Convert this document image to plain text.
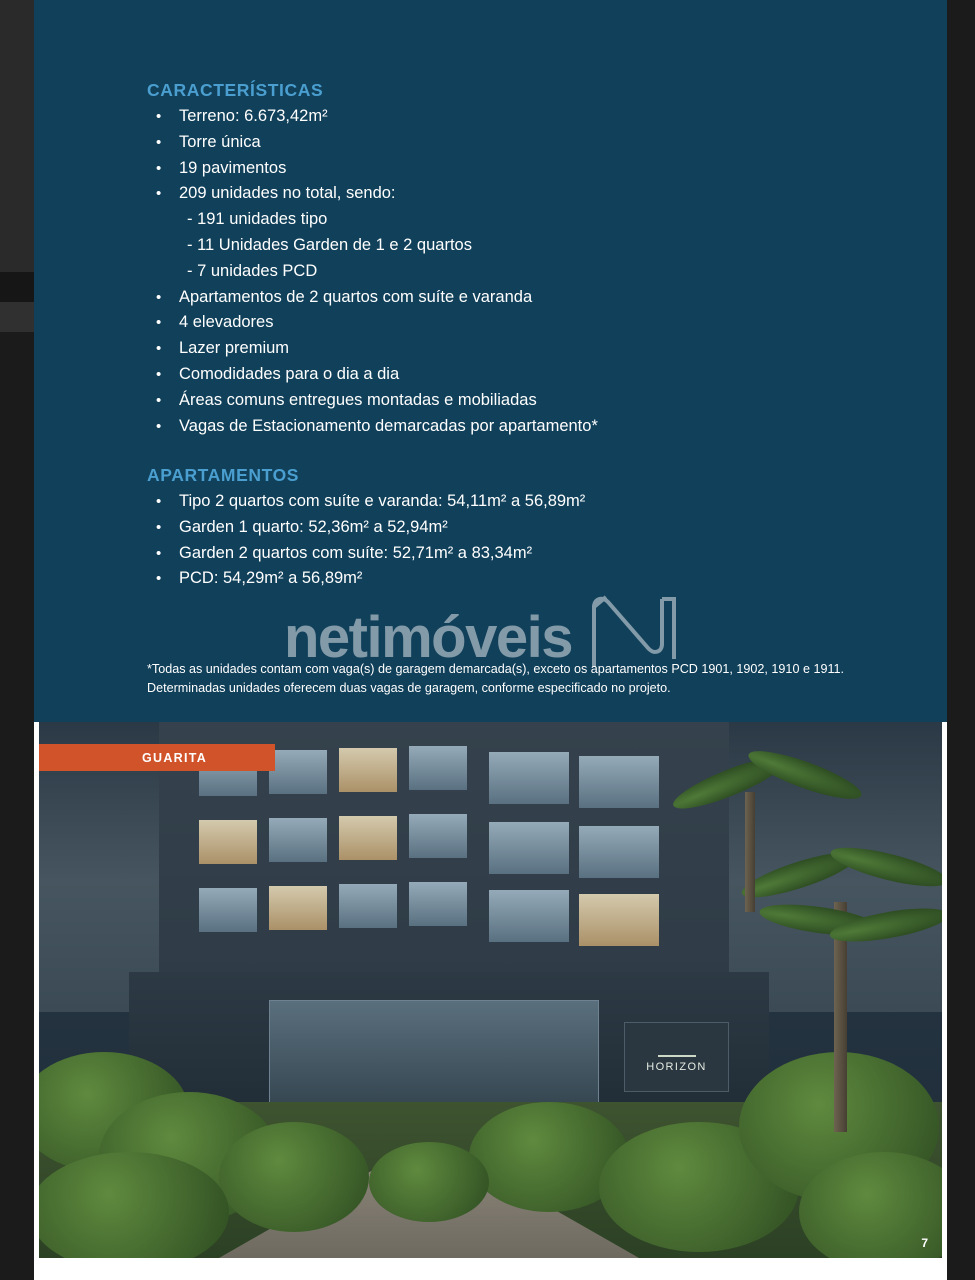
CARACTERÍSTICAS
• Terreno: 6.673,42m²
• Torre única
• 19 pavimentos
• 209 unidades no total, sendo:
- 191 unidades tipo
- 11 Unidades Garden de 1 e 2 quartos
- 7 unidades PCD
• Apartamentos de 2 quartos com suíte e varanda
• 4 elevadores
• Lazer premium
• Comodidades para o dia a dia
• Áreas comuns entregues montadas e mobiliadas
• Vagas de Estacionamento demarcadas por apartamento*
APARTAMENTOS
• Tipo 2 quartos com suíte e varanda: 54,11m² a 56,89m²
• Garden 1 quarto: 52,36m² a 52,94m²
• Garden 2 quartos com suíte: 52,71m² a 83,34m²
• PCD: 54,29m² a 56,89m²
netimóveis

*Todas as unidades contam com vaga(s) de garagem demarcada(s), exceto os apartamentos PCD 1901, 1902, 1910 e 1911. Determinadas unidades oferecem duas vagas de garagem, conforme especificado no projeto.

HORIZON
GUARITA
7
